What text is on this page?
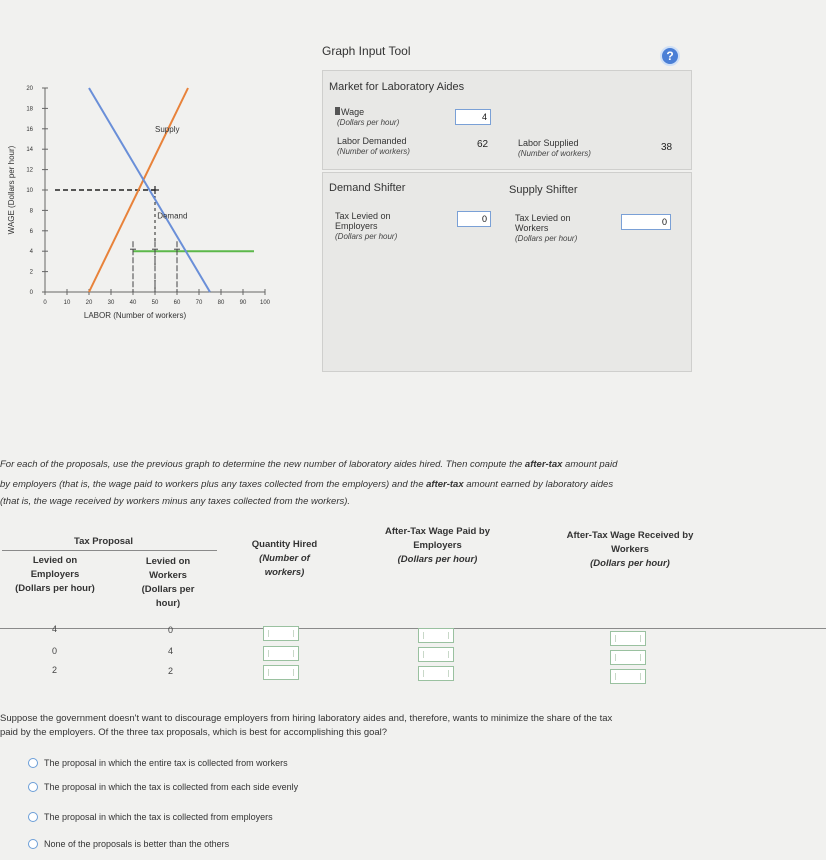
0
2
4
6
8
10
12
14
16
18
20
0	10	20	30	40	50	60	70	80	90 100
LABOR (Number of workers)
WAGE (Dollars per hour)
Supply
Demand
Graph Input Tool	?
Market for Laboratory Aides
Wage
(Dollars per hour)
4
Labor Demanded
(Number of workers)
62	Labor Supplied
(Number of workers)
38
Demand Shifter	Supply Shifter
Tax Levied on
Employers
(Dollars per hour)
0	Tax Levied on
Workers
(Dollars per hour)
0
For each of the proposals, use the previous graph to determine the new number of laboratory aides hired. Then compute the after-tax amount paid
by employers (that is, the wage paid to workers plus any taxes collected from the employers) and the after-tax amount earned by laboratory aides
(that is, the wage received by workers minus any taxes collected from the workers).
Tax Proposal
Levied on
Employers
(Dollars per hour)
Levied on
Workers
(Dollars per
hour)
Quantity Hired
(Number of
workers)
After-Tax Wage Paid by
Employers
(Dollars per hour)
After-Tax Wage Received by
Workers
(Dollars per hour)
4	0
0	4
2	2
Suppose the government doesn't want to discourage employers from hiring laboratory aides and, therefore, wants to minimize the share of the tax
paid by the employers. Of the three tax proposals, which is best for accomplishing this goal?
The proposal in which the entire tax is collected from workers
The proposal in which the tax is collected from each side evenly
The proposal in which the tax is collected from employers
None of the proposals is better than the others
